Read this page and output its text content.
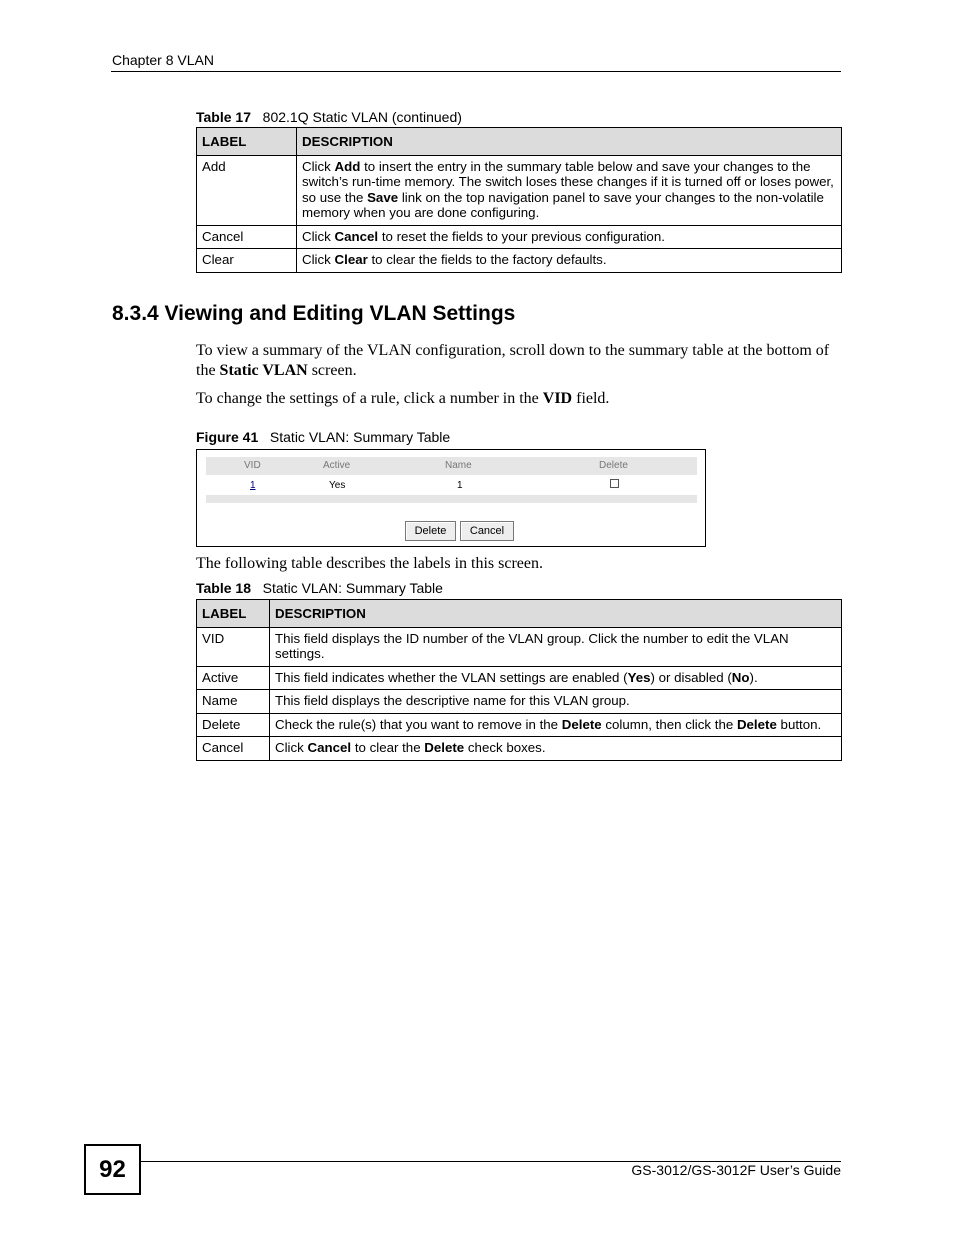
Chapter 8 VLAN
Table 17 802.1Q Static VLAN (continued)
LABEL	DESCRIPTION
Add	Click Add to insert the entry in the summary table below and save your changes to the switch’s run-time memory. The switch loses these changes if it is turned off or loses power, so use the Save link on the top navigation panel to save your changes to the non-volatile memory when you are done configuring.
Cancel	Click Cancel to reset the fields to your previous configuration.
Clear	Click Clear to clear the fields to the factory defaults.
8.3.4 Viewing and Editing VLAN Settings
To view a summary of the VLAN configuration, scroll down to the summary table at the bottom of the Static VLAN screen.
To change the settings of a rule, click a number in the VID field.
Figure 41 Static VLAN: Summary Table
VID	Active	Name	Delete
1	Yes	1
Delete	Cancel
The following table describes the labels in this screen.
Table 18 Static VLAN: Summary Table
LABEL	DESCRIPTION
VID	This field displays the ID number of the VLAN group. Click the number to edit the VLAN settings.
Active	This field indicates whether the VLAN settings are enabled (Yes) or disabled (No).
Name	This field displays the descriptive name for this VLAN group.
Delete	Check the rule(s) that you want to remove in the Delete column, then click the Delete button.
Cancel	Click Cancel to clear the Delete check boxes.
92	GS-3012/GS-3012F User’s Guide
